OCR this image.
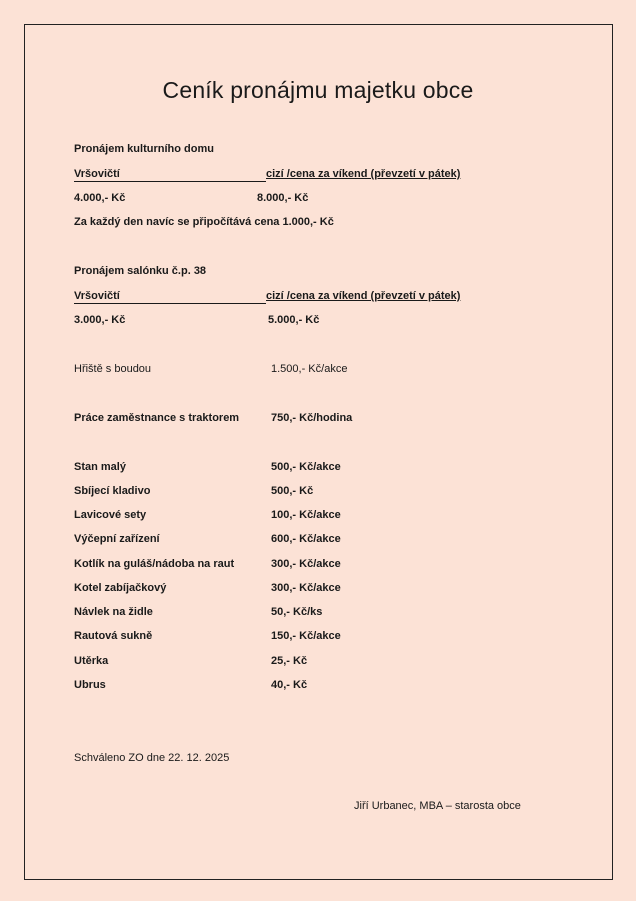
Ceník pronájmu majetku obce
Pronájem kulturního domu
Vršovičtí	cizí /cena za víkend (převzetí v pátek)
4.000,- Kč	8.000,- Kč
Za každý den navíc se připočítává cena 1.000,- Kč
Pronájem salónku č.p. 38
Vršovičtí	cizí /cena za víkend (převzetí v pátek)
3.000,- Kč	5.000,- Kč
Hřiště s boudou	1.500,- Kč/akce
Práce zaměstnance s traktorem	750,- Kč/hodina
Stan malý	500,- Kč/akce
Sbíjecí kladivo	500,- Kč
Lavicové sety	100,- Kč/akce
Výčepní zařízení	600,- Kč/akce
Kotlík na guláš/nádoba na raut	300,- Kč/akce
Kotel zabíjačkový	300,- Kč/akce
Návlek na židle	50,- Kč/ks
Rautová sukně	150,- Kč/akce
Utěrka	25,- Kč
Ubrus	40,- Kč
Schváleno ZO dne 22. 12. 2025
Jiří Urbanec, MBA – starosta obce
